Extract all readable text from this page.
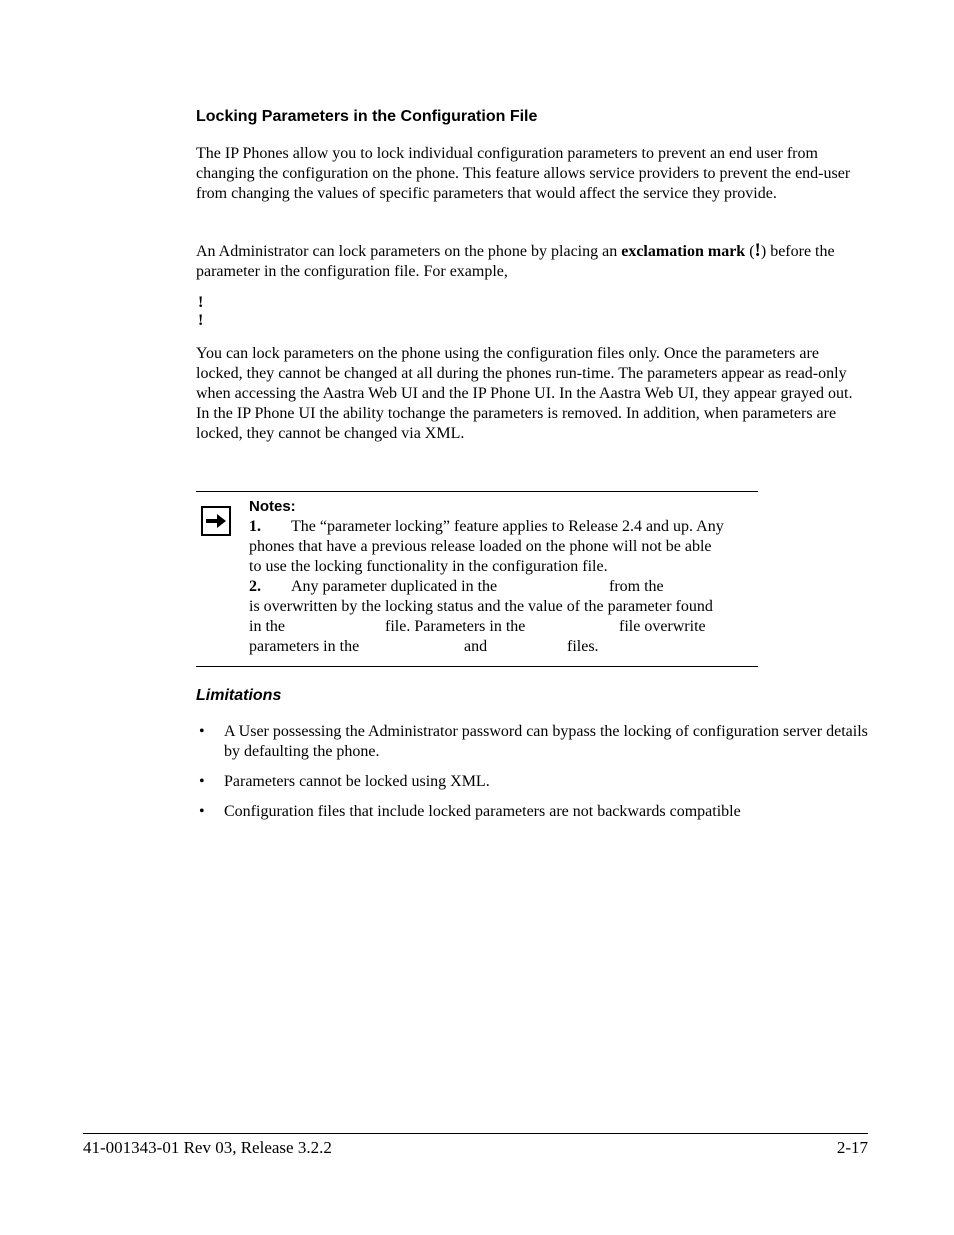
Locking Parameters in the Configuration File

The IP Phones allow you to lock individual configuration parameters to prevent an end user from changing the configuration on the phone. This feature allows service providers to prevent the end-user from changing the values of specific parameters that would affect the service they provide.

An Administrator can lock parameters on the phone by placing an exclamation mark (!) before the parameter in the configuration file. For example,

!
!

You can lock parameters on the phone using the configuration files only. Once the parameters are locked, they cannot be changed at all during the phones run-time. The parameters appear as read-only when accessing the Aastra Web UI and the IP Phone UI. In the Aastra Web UI, they appear grayed out. In the IP Phone UI the ability tochange the parameters is removed. In addition, when parameters are locked, they cannot be changed via XML.

Notes:
1. The “parameter locking” feature applies to Release 2.4 and up. Any
phones that have a previous release loaded on the phone will not be able
to use the locking functionality in the configuration file.
2. Any parameter duplicated in the	from the
is overwritten by the locking status and the value of the parameter found
in the	file. Parameters in the	file overwrite
parameters in the	and	files.
Limitations
• A User possessing the Administrator password can bypass the locking of configuration server details by defaulting the phone.
• Parameters cannot be locked using XML.
• Configuration files that include locked parameters are not backwards compatible
41-001343-01 Rev 03, Release 3.2.2	2-17
